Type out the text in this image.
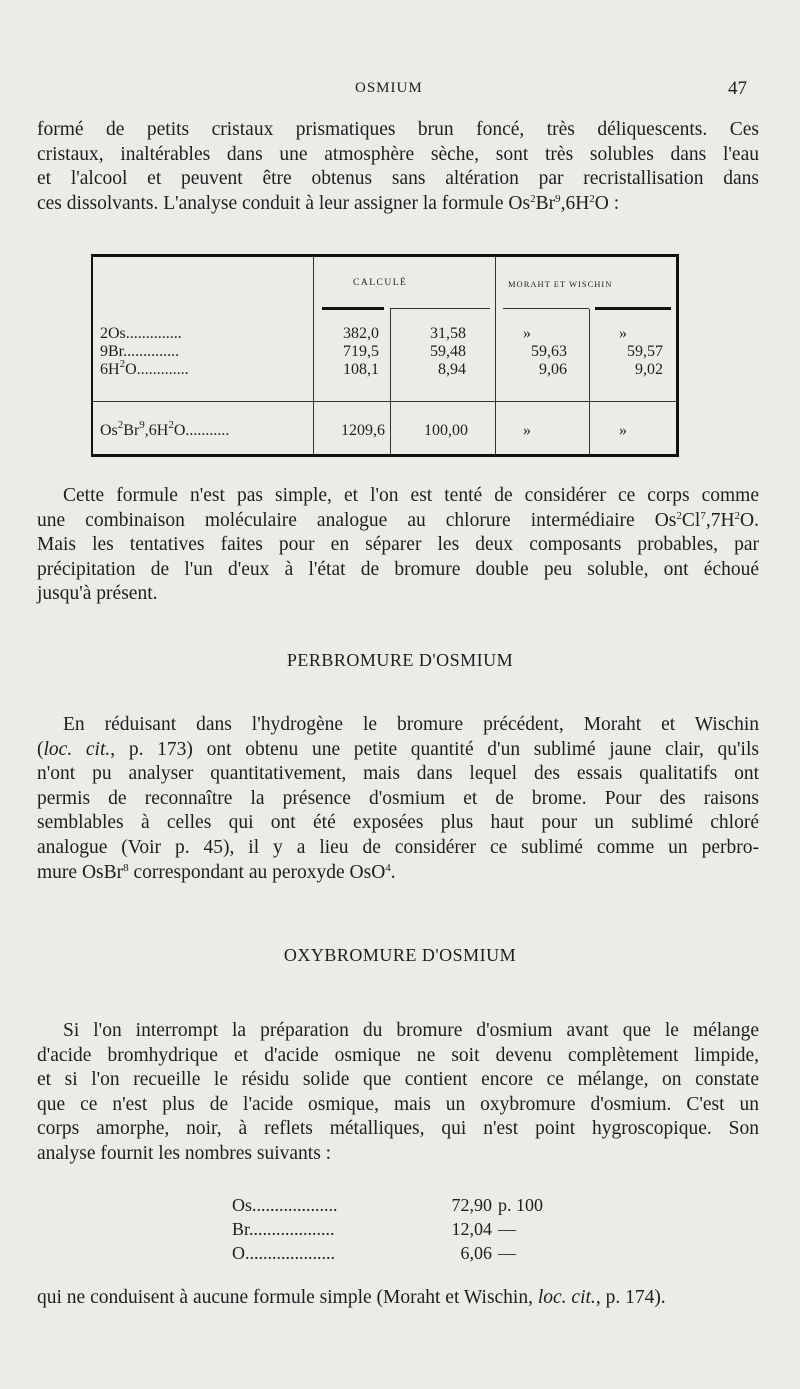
OSMIUM	47
formé de petits cristaux prismatiques brun foncé, très déliquescents. Ces
cristaux, inaltérables dans une atmosphère sèche, sont très solubles dans l'eau
et l'alcool et peuvent être obtenus sans altération par recristallisation dans
ces dissolvants. L'analyse conduit à leur assigner la formule $Os^2Br^9,6H^2O$ :
CALCULÉ	MORAHT ET WISCHIN
2Os..............	382,0	31,58	»	»
9Br..............	719,5	59,48	59,63	59,57
$6H^2O$.............	108,1	8,94	9,06	9,02
$Os^2Br^9,6H^2O$...........	1209,6	100,00	»	»
Cette formule n'est pas simple, et l'on est tenté de considérer ce corps comme
une combinaison moléculaire analogue au chlorure intermédiaire $Os^2Cl^7,7H^2O$.
Mais les tentatives faites pour en séparer les deux composants probables, par
précipitation de l'un d'eux à l'état de bromure double peu soluble, ont échoué
jusqu'à présent.
PERBROMURE D'OSMIUM
En réduisant dans l'hydrogène le bromure précédent, Moraht et Wischin
(loc. cit., p. 173) ont obtenu une petite quantité d'un sublimé jaune clair, qu'ils
n'ont pu analyser quantitativement, mais dans lequel des essais qualitatifs ont
permis de reconnaître la présence d'osmium et de brome. Pour des raisons
semblables à celles qui ont été exposées plus haut pour un sublimé chloré
analogue (Voir p. 45), il y a lieu de considérer ce sublimé comme un perbro-
mure OsBr$^8$ correspondant au peroxyde OsO$^4$.
OXYBROMURE D'OSMIUM
Si l'on interrompt la préparation du bromure d'osmium avant que le mélange
d'acide bromhydrique et d'acide osmique ne soit devenu complètement limpide,
et si l'on recueille le résidu solide que contient encore ce mélange, on constate
que ce n'est plus de l'acide osmique, mais un oxybromure d'osmium. C'est un
corps amorphe, noir, à reflets métalliques, qui n'est point hygroscopique. Son
analyse fournit les nombres suivants :
Os...................	72,90 p. 100
Br...................	12,04 —
O....................	6,06 —
qui ne conduisent à aucune formule simple (Moraht et Wischin, loc. cit., p. 174).
